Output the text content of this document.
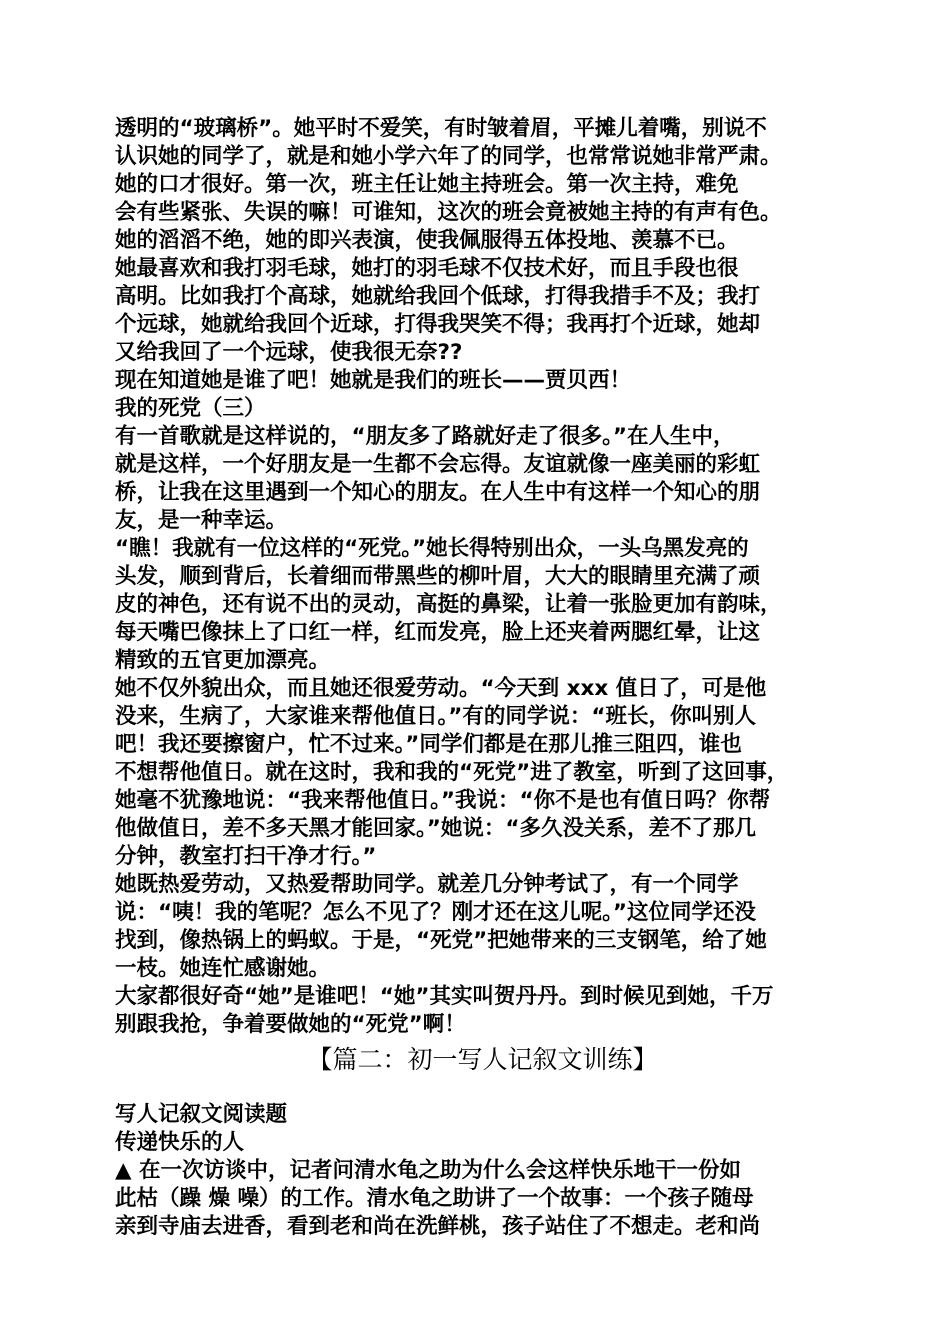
透明的“玻璃桥”。她平时不爱笑，有时皱着眉，平摊儿着嘴，别说不

认识她的同学了，就是和她小学六年了的同学，也常常说她非常严肃。

她的口才很好。第一次，班主任让她主持班会。第一次主持，难免

会有些紧张、失误的嘛！可谁知，这次的班会竟被她主持的有声有色。

她的滔滔不绝，她的即兴表演，使我佩服得五体投地、羡慕不已。

她最喜欢和我打羽毛球，她打的羽毛球不仅技术好，而且手段也很

高明。比如我打个高球，她就给我回个低球，打得我措手不及；我打

个远球，她就给我回个近球，打得我哭笑不得；我再打个近球，她却

又给我回了一个远球，使我很无奈??

现在知道她是谁了吧！她就是我们的班长——贾贝西！

我的死党（三）

有一首歌就是这样说的，“朋友多了路就好走了很多。”在人生中，

就是这样，一个好朋友是一生都不会忘得。友谊就像一座美丽的彩虹

桥，让我在这里遇到一个知心的朋友。在人生中有这样一个知心的朋

友，是一种幸运。

“瞧！我就有一位这样的“死党。”她长得特别出众，一头乌黑发亮的

头发，顺到背后，长着细而带黑些的柳叶眉，大大的眼睛里充满了顽

皮的神色，还有说不出的灵动，高挺的鼻梁，让着一张脸更加有韵味，

每天嘴巴像抹上了口红一样，红而发亮，脸上还夹着两腮红晕，让这

精致的五官更加漂亮。

她不仅外貌出众，而且她还很爱劳动。“今天到 xxx 值日了，可是他

没来，生病了，大家谁来帮他值日。”有的同学说：“班长，你叫别人

吧！我还要擦窗户，忙不过来。”同学们都是在那儿推三阻四，谁也

不想帮他值日。就在这时，我和我的“死党”进了教室，听到了这回事，

她毫不犹豫地说：“我来帮他值日。”我说：“你不是也有值日吗？你帮

他做值日，差不多天黑才能回家。”她说：“多久没关系，差不了那几

分钟，教室打扫干净才行。”

她既热爱劳动，又热爱帮助同学。就差几分钟考试了，有一个同学

说：“咦！我的笔呢？怎么不见了？刚才还在这儿呢。”这位同学还没

找到，像热锅上的蚂蚁。于是，“死党”把她带来的三支钢笔，给了她

一枝。她连忙感谢她。

大家都很好奇“她”是谁吧！“她”其实叫贺丹丹。到时候见到她，千万

别跟我抢，争着要做她的“死党”啊！

【篇二：初一写人记叙文训练】

写人记叙文阅读题

传递快乐的人

▲ 在一次访谈中，记者问清水龟之助为什么会这样快乐地干一份如

此枯（躁 燥 噪）的工作。清水龟之助讲了一个故事：一个孩子随母

亲到寺庙去进香，看到老和尚在洗鲜桃，孩子站住了不想走。老和尚
